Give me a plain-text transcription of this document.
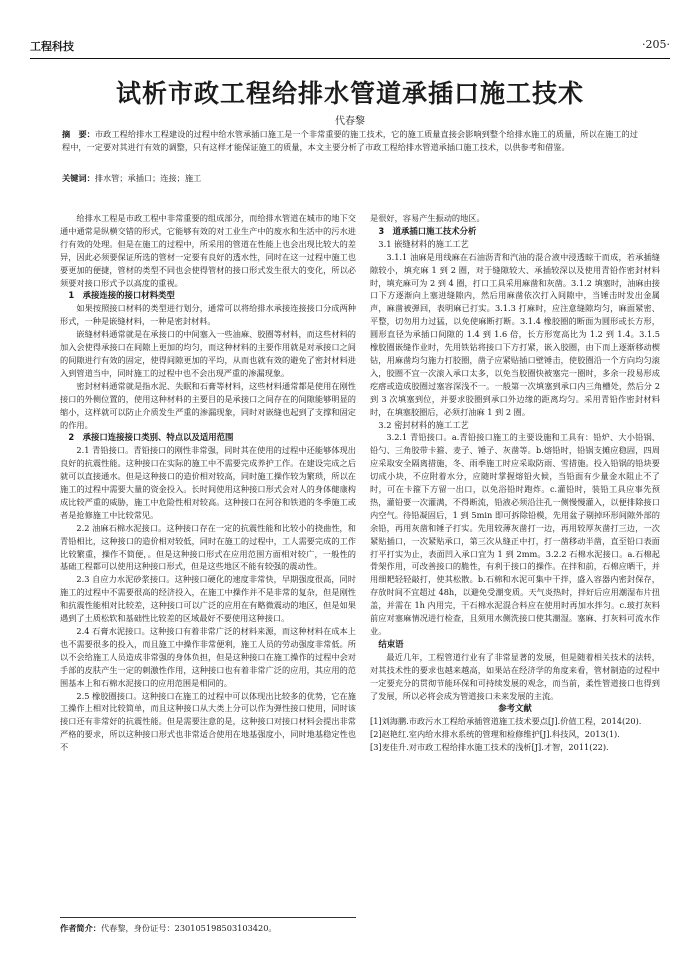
工程科技	·205·
试析市政工程给排水管道承插口施工技术
代春黎
摘　要：市政工程给排水工程建设的过程中给水管承插口施工是一个非常重要的施工技术，它的施工质量直接会影响到整个给排水施工的质量，所以在施工的过程中，一定要对其进行有效的调整，只有这样才能保证施工的质量，本文主要分析了市政工程给排水管道承插口施工技术，以供参考和借鉴。
关键词：排水管；承插口；连接；施工

给排水工程是市政工程中非常重要的组成部分，而给排水管道在城市的地下交通中通常是纵横交错的形式，它能够有效的对工业生产中的废水和生活中的污水进行有效的处理。但是在施工的过程中，所采用的管道在性能上也会出现比较大的差异，因此必须要保证所选的管材一定要有良好的透水性，同时在这一过程中施工也要更加的便捷，管材的类型不同也会使得管材的接口形式发生很大的变化，所以必须要对接口形式予以高度的重视。

1　承接连接的接口材料类型

如果按照接口材料的类型进行划分，通常可以将给排水承接连接接口分成两种形式，一种是嵌缝材料，一种是密封材料。

嵌缝材料通常就是在承接口的中间塞入一些油麻、胶圈等材料，而这些材料的加入会使得承接口在间隙上更加的均匀，而这种材料的主要作用就是对承接口之间的间隙进行有效的固定，使得间隙更加的平均，从而也就有效的避免了密封材料进入到管道当中，同时施工的过程中也不会出现严重的渗漏现象。

密封材料通常就是指水泥、失眠和石膏等材料，这些材料通常都是使用在刚性接口的外侧位置的，使用这种材料的主要目的是承接口之间存在的间隙能够明显的缩小，这样就可以防止介质发生严重的渗漏现象，同时对嵌缝也起到了支撑和固定的作用。

2　承接口连接接口类别、特点以及适用范围

2.1 青铅接口。青铅接口的刚性非常强，同时其在使用的过程中还能够体现出良好的抗震性能。这种接口在实际的施工中不需要完成养护工作。在建设完成之后就可以直接通水。但是这种接口的造价相对较高，同时施工操作较为繁琐，所以在施工的过程中需要大量的资金投入。长时间使用这种接口形式会对人的身体健康构成比较严重的威胁，施工中危险性相对较高。这种接口在河谷和铁道的冬季施工或者是抢修施工中比较常见。

2.2 油麻石棉水泥接口。这种接口存在一定的抗震性能和比较小的挠曲性，和青铅相比，这种接口的造价相对较低，同时在施工的过程中，工人需要完成的工作比较繁重，操作不简便，。但是这种接口形式在应用范围方面相对较广，一般性的基础工程都可以使用这种接口形式，但是这些地区不能有较强的震动性。

2.3 自应力水泥砂浆接口。这种接口硬化的速度非常快，早期强度很高，同时施工的过程中不需要很高的经济投入，在施工中操作并不是非常的复杂，但是刚性和抗震性能相对比较差，这种接口可以广泛的应用在有略微震动的地区，但是如果遇到了土质松软和基础性比较差的区域最好不要使用这种接口。

2.4 石膏水泥接口。这种接口有着非常广泛的材料来源，而这种材料在成本上也不需要很多的投入，而且施工中操作非常便利，施工人员的劳动强度非常低。所以不会给施工人员造成非常强的身体负担，但是这种接口在施工操作的过程中会对手部的皮肤产生一定的刺激性作用，这种接口也有着非常广泛的应用，其应用的范围基本上和石棉水泥接口的应用范围是相同的。

2.5 橡胶圈接口。这种接口在施工的过程中可以体现出比较多的优势，它在施工操作上相对比较简单，而且这种接口从大类上分可以作为弹性接口使用，同时该接口还有非常好的抗震性能。但是需要注意的是，这种接口对接口材料会提出非常严格的要求，所以这种接口形式也非常适合使用在地基强度小，同时地基稳定性也不

是很好，容易产生振动的地区。

3　道承插口施工技术分析
3.1 嵌缝材料的施工工艺

3.1.1 油麻是用线麻在石油沥青和汽油的混合液中浸透晾干而成，若承插缝隙较小，填充麻 1 到 2 圈，对于缝隙较大、承插较深以及使用青铅作密封材料时，填充麻可为 2 到 4 圈，打口工具采用麻凿和灰凿。3.1.2 填塞时，油麻由接口下方逐渐向上塞进缝隙内，然后用麻凿依次打入间隙中，当锤击时发出金属声，麻凿被弹回，表明麻已打实。3.1.3 打麻时，应注意缝隙均匀，麻面紧密、平整，切勿用力过猛，以免使麻断打断。3.1.4 橡胶圈的断面为圆形或长方形，圆形直径为承插口间隙的 1.4 到 1.6 倍，长方形宽高比为 1.2 到 1.4。3.1.5 橡胶圈嵌缝作业时，先用铁钻将接口下方打紧，嵌入胶圈，由下而上逐渐移动楔钻，用麻凿均匀施力打胶圈，凿子应紧贴插口壁锤击，使胶圈沿一个方向均匀滚入，胶圈不宜一次滚入承口太多，以免当胶圈快被塞完一圈时，多余一段易形成疙瘩或造成胶圈过塞容深浅不一。一般第一次填塞到承口内三角槽处，然后分 2 到 3 次填塞到位，并要求胶圈到承口外边缘的距离均匀。采用青铅作密封材料时，在填塞胶圈后，必须打油麻 1 到 2 圈。

3.2 密封材料的施工工艺

3.2.1 青铅接口。a.青铅接口施工的主要设施和工具有：铅炉、大小铅锅、铅勺、三角胶带卡箍、麦子、锤子、灰凿等。b.熔铅时，铅锅支摊应稳固，四周应采取安全隔离措施，冬、雨季施工时应采取防雨、雪措施。投入铅锅的铅块要切成小块，不应附着水分，应随时掌握熔铅火候，当铅面有少量金水阻止不了时，可在卡箍下方留一出口，以免浴铅时跑炸。c.灌铅时，装铅工具应事先预热，灌铅要一次灌满，不得断流，铅液必须沿注孔一侧慢慢灌入，以便排除接口内空气。待铅凝固后，1 到 5min 即可拆除铅模，先用盆子剔掉环形间隙外部的余铅，再用灰凿和锤子打实。先用较薄灰凿打一边，再用较厚灰凿打三边，一次紧贴插口，一次紧贴承口，第三次从缝正中打，打一凿移动半凿，直至铅口表面打平打实为止，表面凹入承口宜为 1 到 2mm。3.2.2 石棉水泥接口。a.石棉起骨架作用，可改善接口的脆性，有利于接口的操作。在拌和前，石棉应晒干，并用细耙轻轻敲打，使其松散。b.石棉和水泥可集中干拌，盛入容器内密封保存，存放时间不宜超过 48h，以避免受潮变质。天气炎热时，拌好后应用潮湿布片扭盖，并需在 1h 内用完，干石棉水泥混合料应在使用时再加水拌匀。c.玻打灰料前应对塞麻情况进行检查，且须用水侧洗接口使其潮湿。塞麻、打灰料可流水作业。

结束语

最近几年，工程管道行业有了非常显著的发展，但是随着相关技术的法转，对其技术性的要求也越来越高，如果站在经济学的角度来看，管材制造的过程中一定要充分的贯彻节能环保和可持续发展的观念，而当前，柔性管道接口也得到了发展，所以必将会成为管道接口未来发展的主流。

参考文献

[1]刘海鹏.市政污水工程给承插管道施工技术要点[J].价值工程，2014(20).

[2]赵艳红.室内给水排水系统的管理和检修维护[J].科技风，2013(1).

[3]麦佳升.对市政工程给排水施工技术的浅析[J].才智，2011(22).

作者简介：代春黎，身份证号：230105198503103420。
